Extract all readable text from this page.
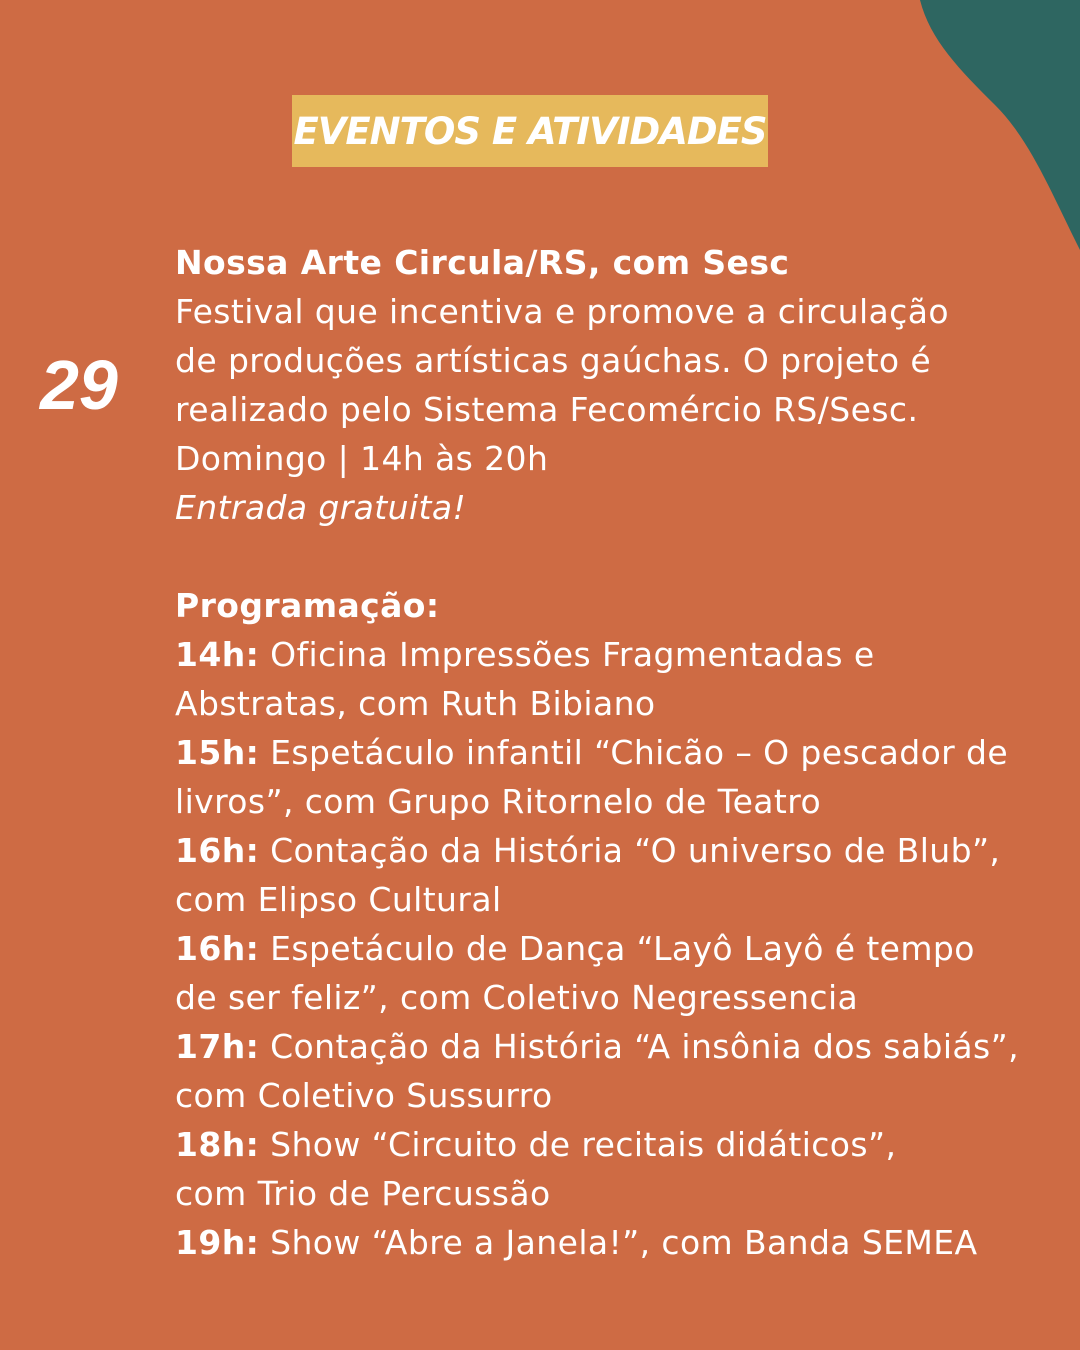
EVENTOS E ATIVIDADES
29

Nossa Arte Circula/RS, com Sesc

Festival que incentiva e promove a circulação

de produções artísticas gaúchas. O projeto é

realizado pelo Sistema Fecomércio RS/Sesc.

Domingo | 14h às 20h

Entrada gratuita!

Programação:

14h: Oficina Impressões Fragmentadas e

Abstratas, com Ruth Bibiano

15h: Espetáculo infantil “Chicão – O pescador de

livros”, com Grupo Ritornelo de Teatro

16h: Contação da História “O universo de Blub”,

com Elipso Cultural

16h: Espetáculo de Dança “Layô Layô é tempo

de ser feliz”, com Coletivo Negressencia

17h: Contação da História “A insônia dos sabiás”,

com Coletivo Sussurro

18h: Show “Circuito de recitais didáticos”,

com Trio de Percussão

19h: Show “Abre a Janela!”, com Banda SEMEA
